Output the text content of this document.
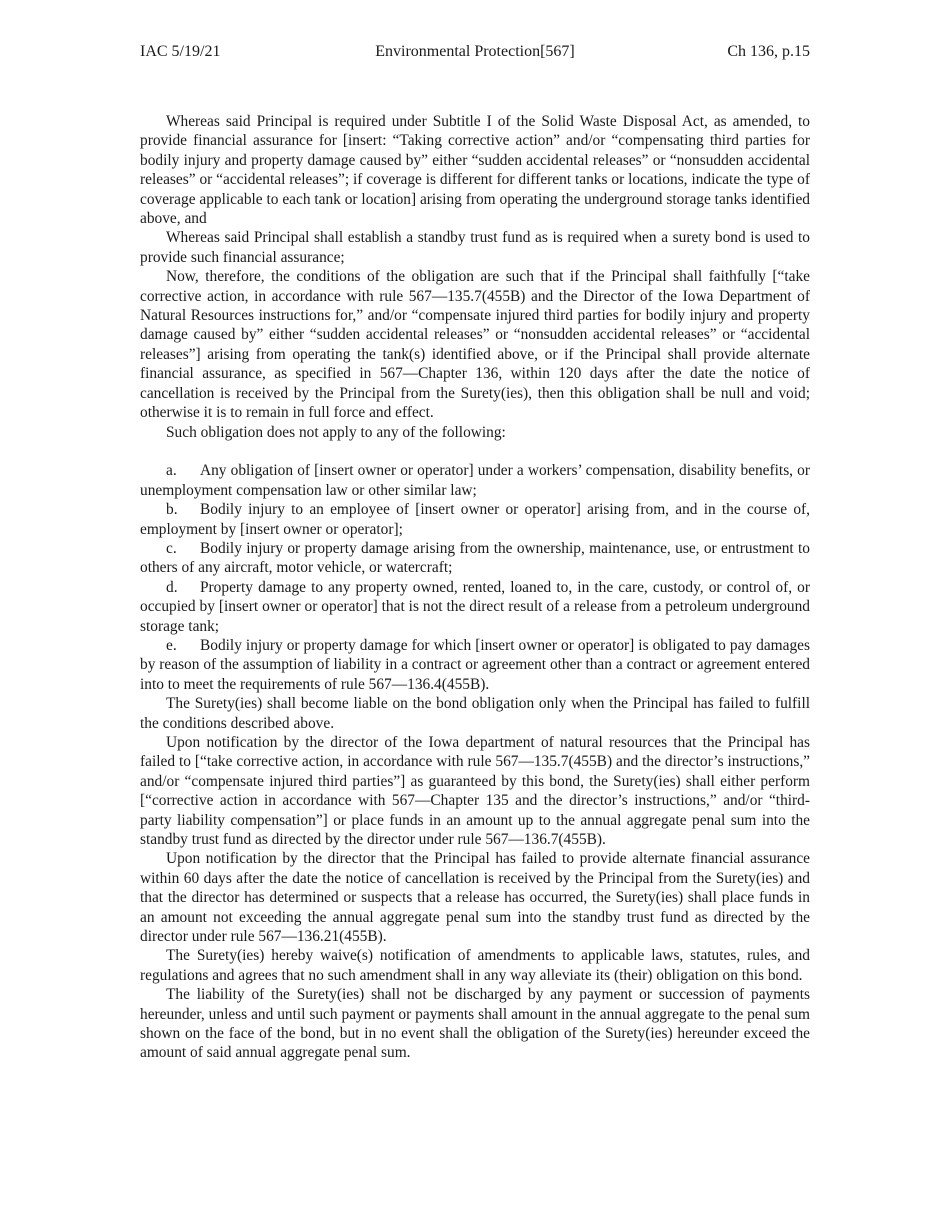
IAC 5/19/21	Environmental Protection[567]	Ch 136, p.15

Whereas said Principal is required under Subtitle I of the Solid Waste Disposal Act, as amended, to provide financial assurance for [insert: “Taking corrective action” and/or “compensating third parties for bodily injury and property damage caused by” either “sudden accidental releases” or “nonsudden accidental releases” or “accidental releases”; if coverage is different for different tanks or locations, indicate the type of coverage applicable to each tank or location] arising from operating the underground storage tanks identified above, and

Whereas said Principal shall establish a standby trust fund as is required when a surety bond is used to provide such financial assurance;

Now, therefore, the conditions of the obligation are such that if the Principal shall faithfully [“take corrective action, in accordance with rule 567—135.7(455B) and the Director of the Iowa Department of Natural Resources instructions for,” and/or “compensate injured third parties for bodily injury and property damage caused by” either “sudden accidental releases” or “nonsudden accidental releases” or “accidental releases”] arising from operating the tank(s) identified above, or if the Principal shall provide alternate financial assurance, as specified in 567—Chapter 136, within 120 days after the date the notice of cancellation is received by the Principal from the Surety(ies), then this obligation shall be null and void; otherwise it is to remain in full force and effect.

Such obligation does not apply to any of the following:

a. Any obligation of [insert owner or operator] under a workers’ compensation, disability benefits, or unemployment compensation law or other similar law;

b. Bodily injury to an employee of [insert owner or operator] arising from, and in the course of, employment by [insert owner or operator];

c. Bodily injury or property damage arising from the ownership, maintenance, use, or entrustment to others of any aircraft, motor vehicle, or watercraft;

d. Property damage to any property owned, rented, loaned to, in the care, custody, or control of, or occupied by [insert owner or operator] that is not the direct result of a release from a petroleum underground storage tank;

e. Bodily injury or property damage for which [insert owner or operator] is obligated to pay damages by reason of the assumption of liability in a contract or agreement other than a contract or agreement entered into to meet the requirements of rule 567—136.4(455B).

The Surety(ies) shall become liable on the bond obligation only when the Principal has failed to fulfill the conditions described above.

Upon notification by the director of the Iowa department of natural resources that the Principal has failed to [“take corrective action, in accordance with rule 567—135.7(455B) and the director’s instructions,” and/or “compensate injured third parties”] as guaranteed by this bond, the Surety(ies) shall either perform [“corrective action in accordance with 567—Chapter 135 and the director’s instructions,” and/or “third-party liability compensation”] or place funds in an amount up to the annual aggregate penal sum into the standby trust fund as directed by the director under rule 567—136.7(455B).

Upon notification by the director that the Principal has failed to provide alternate financial assurance within 60 days after the date the notice of cancellation is received by the Principal from the Surety(ies) and that the director has determined or suspects that a release has occurred, the Surety(ies) shall place funds in an amount not exceeding the annual aggregate penal sum into the standby trust fund as directed by the director under rule 567—136.21(455B).

The Surety(ies) hereby waive(s) notification of amendments to applicable laws, statutes, rules, and regulations and agrees that no such amendment shall in any way alleviate its (their) obligation on this bond.

The liability of the Surety(ies) shall not be discharged by any payment or succession of payments hereunder, unless and until such payment or payments shall amount in the annual aggregate to the penal sum shown on the face of the bond, but in no event shall the obligation of the Surety(ies) hereunder exceed the amount of said annual aggregate penal sum.
